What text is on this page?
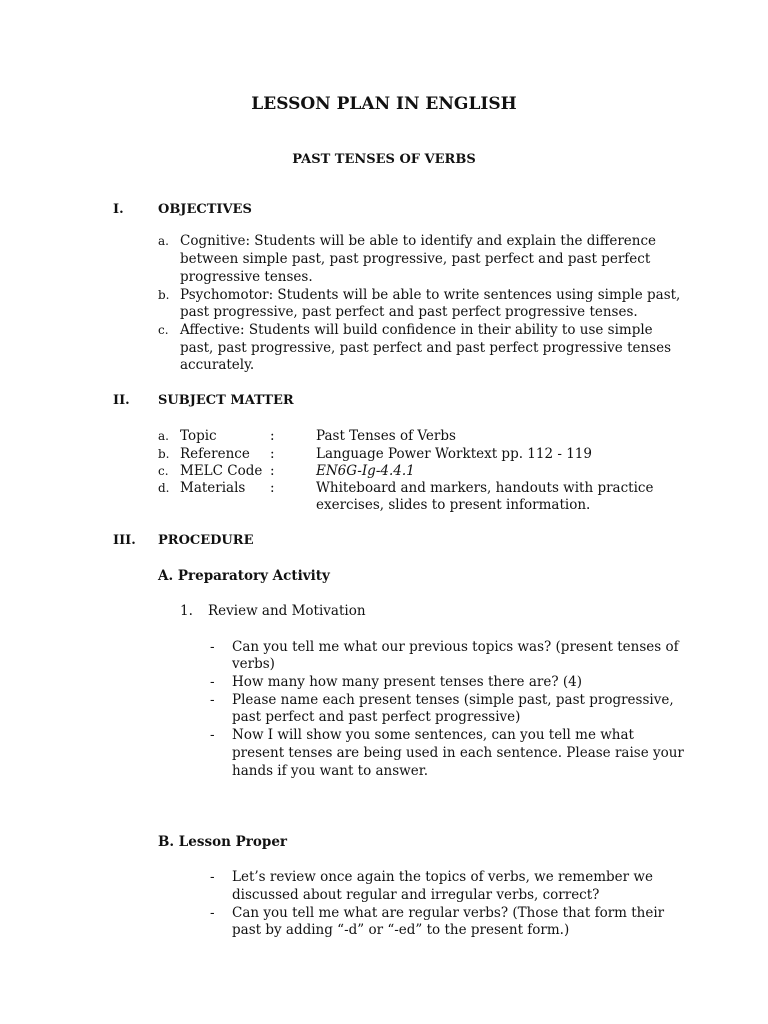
LESSON PLAN IN ENGLISH
PAST TENSES OF VERBS
I.	OBJECTIVES
a. Cognitive: Students will be able to identify and explain the difference
between simple past, past progressive, past perfect and past perfect
progressive tenses.
b. Psychomotor: Students will be able to write sentences using simple past,
past progressive, past perfect and past perfect progressive tenses.
c. Affective: Students will build confidence in their ability to use simple
past, past progressive, past perfect and past perfect progressive tenses
accurately.
II. SUBJECT MATTER
a. Topic	:	Past Tenses of Verbs
b. Reference :	Language Power Worktext pp. 112 - 119
c. MELC Code :	EN6G-Ig-4.4.1
d. Materials :	Whiteboard and markers, handouts with practice
exercises, slides to present information.
III. PROCEDURE
A. Preparatory Activity
1. Review and Motivation
- Can you tell me what our previous topics was? (present tenses of
verbs)
- How many how many present tenses there are? (4)
- Please name each present tenses (simple past, past progressive,
past perfect and past perfect progressive)
- Now I will show you some sentences, can you tell me what
present tenses are being used in each sentence. Please raise your
hands if you want to answer.
B. Lesson Proper
- Let’s review once again the topics of verbs, we remember we
discussed about regular and irregular verbs, correct?
- Can you tell me what are regular verbs? (Those that form their
past by adding “-d” or “-ed” to the present form.)
